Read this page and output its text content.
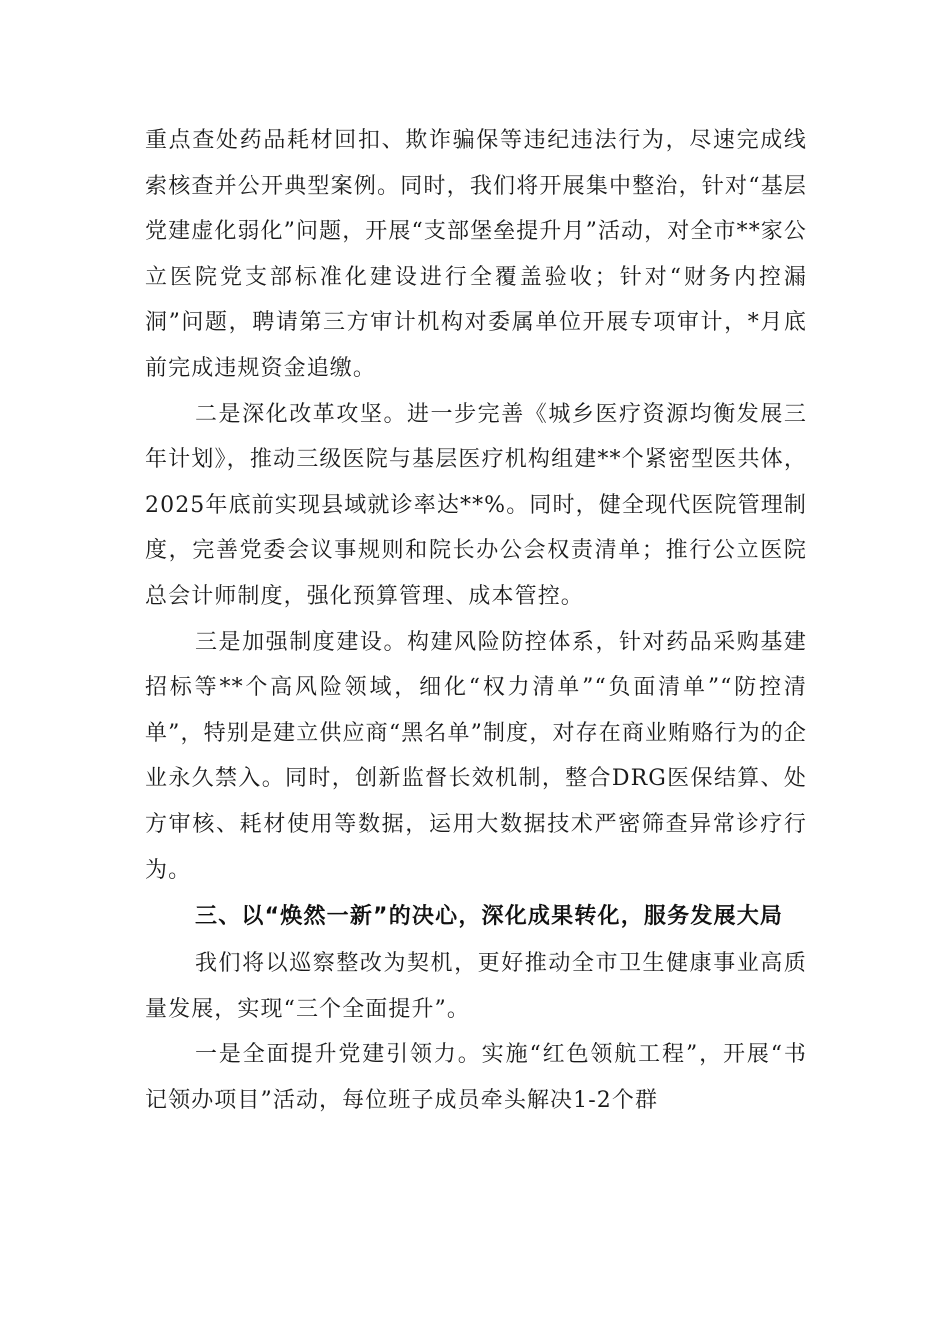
重点查处药品耗材回扣、欺诈骗保等违纪违法行为，尽速完成线索核查并公开典型案例。同时，我们将开展集中整治，针对“基层党建虚化弱化”问题，开展“支部堡垒提升月”活动，对全市**家公立医院党支部标准化建设进行全覆盖验收；针对“财务内控漏洞”问题，聘请第三方审计机构对委属单位开展专项审计，*月底前完成违规资金追缴。

二是深化改革攻坚。进一步完善《城乡医疗资源均衡发展三年计划》，推动三级医院与基层医疗机构组建**个紧密型医共体，2025年底前实现县域就诊率达**%。同时，健全现代医院管理制度，完善党委会议事规则和院长办公会权责清单；推行公立医院总会计师制度，强化预算管理、成本管控。

三是加强制度建设。构建风险防控体系，针对药品采购基建招标等**个高风险领域，细化“权力清单”“负面清单”“防控清单”，特别是建立供应商“黑名单”制度，对存在商业贿赂行为的企业永久禁入。同时，创新监督长效机制，整合DRG医保结算、处方审核、耗材使用等数据，运用大数据技术严密筛查异常诊疗行为。

三、以“焕然一新”的决心，深化成果转化，服务发展大局

我们将以巡察整改为契机，更好推动全市卫生健康事业高质量发展，实现“三个全面提升”。

一是全面提升党建引领力。实施“红色领航工程”，开展“书记领办项目”活动，每位班子成员牵头解决1-2个群
